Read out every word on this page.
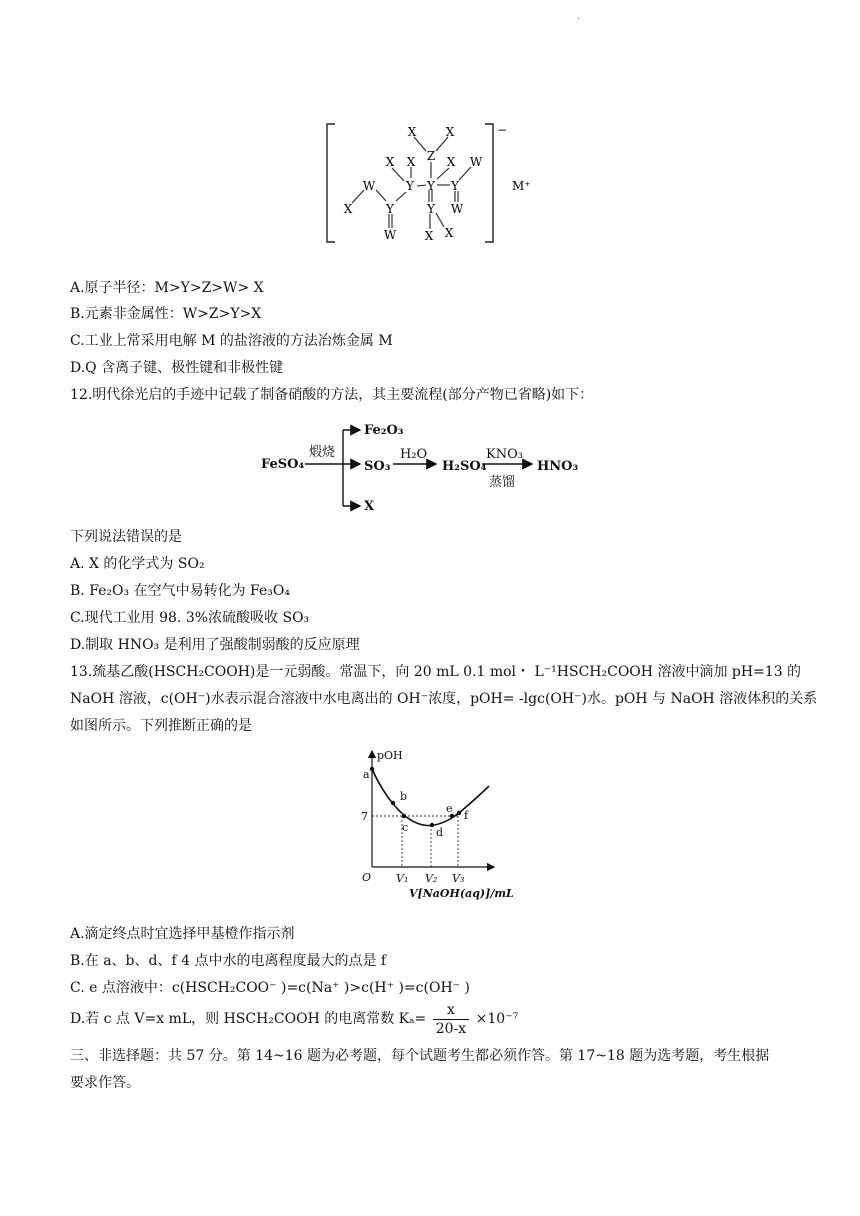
·
−
M⁺
X X
Z
X X	X W
X
Y Y Y
W
Y	W
Y
X X
W
A.原子半径：M>Y>Z>W> X
B.元素非金属性：W>Z>Y>X
C.工业上常采用电解 M 的盐溶液的方法冶炼金属 M
D.Q 含离子键、极性键和非极性键
12.明代徐光启的手迹中记载了制备硝酸的方法，其主要流程(部分产物已省略)如下：
FeSO₄
煅烧
Fe₂O₃
SO₃
X
H₂O
H₂SO₄
KNO₃
蒸馏
HNO₃
下列说法错误的是
A. X 的化学式为 SO₂
B. Fe₂O₃ 在空气中易转化为 Fe₃O₄
C.现代工业用 98. 3%浓硫酸吸收 SO₃
D.制取 HNO₃ 是利用了强酸制弱酸的反应原理
13.巯基乙酸(HSCH₂COOH)是一元弱酸。常温下，向 20 mL 0.1 mol・ L⁻¹HSCH₂COOH 溶液中滴加 pH=13 的
NaOH 溶液，c(OH⁻)水表示混合溶液中水电离出的 OH⁻浓度，pOH= -lgc(OH⁻)水。pOH 与 NaOH 溶液体积的关系
如图所示。下列推断正确的是
pOH
a
b
c	d
e
f
7
O V₁ V₂ V₃
V[NaOH(aq)]/mL
A.滴定终点时宜选择甲基橙作指示剂
B.在 a、b、d、f 4 点中水的电离程度最大的点是 f
C. e 点溶液中：c(HSCH₂COO⁻ )=c(Na⁺ )>c(H⁺ )=c(OH⁻ )
D.若 c 点 V=x mL，则 HSCH₂COOH 的电离常数 $K_a= \frac{x}{20-x} \times 10^{-7}$
三、非选择题：共 57 分。第 14~16 题为必考题，每个试题考生都必须作答。第 17~18 题为选考题，考生根据
要求作答。
